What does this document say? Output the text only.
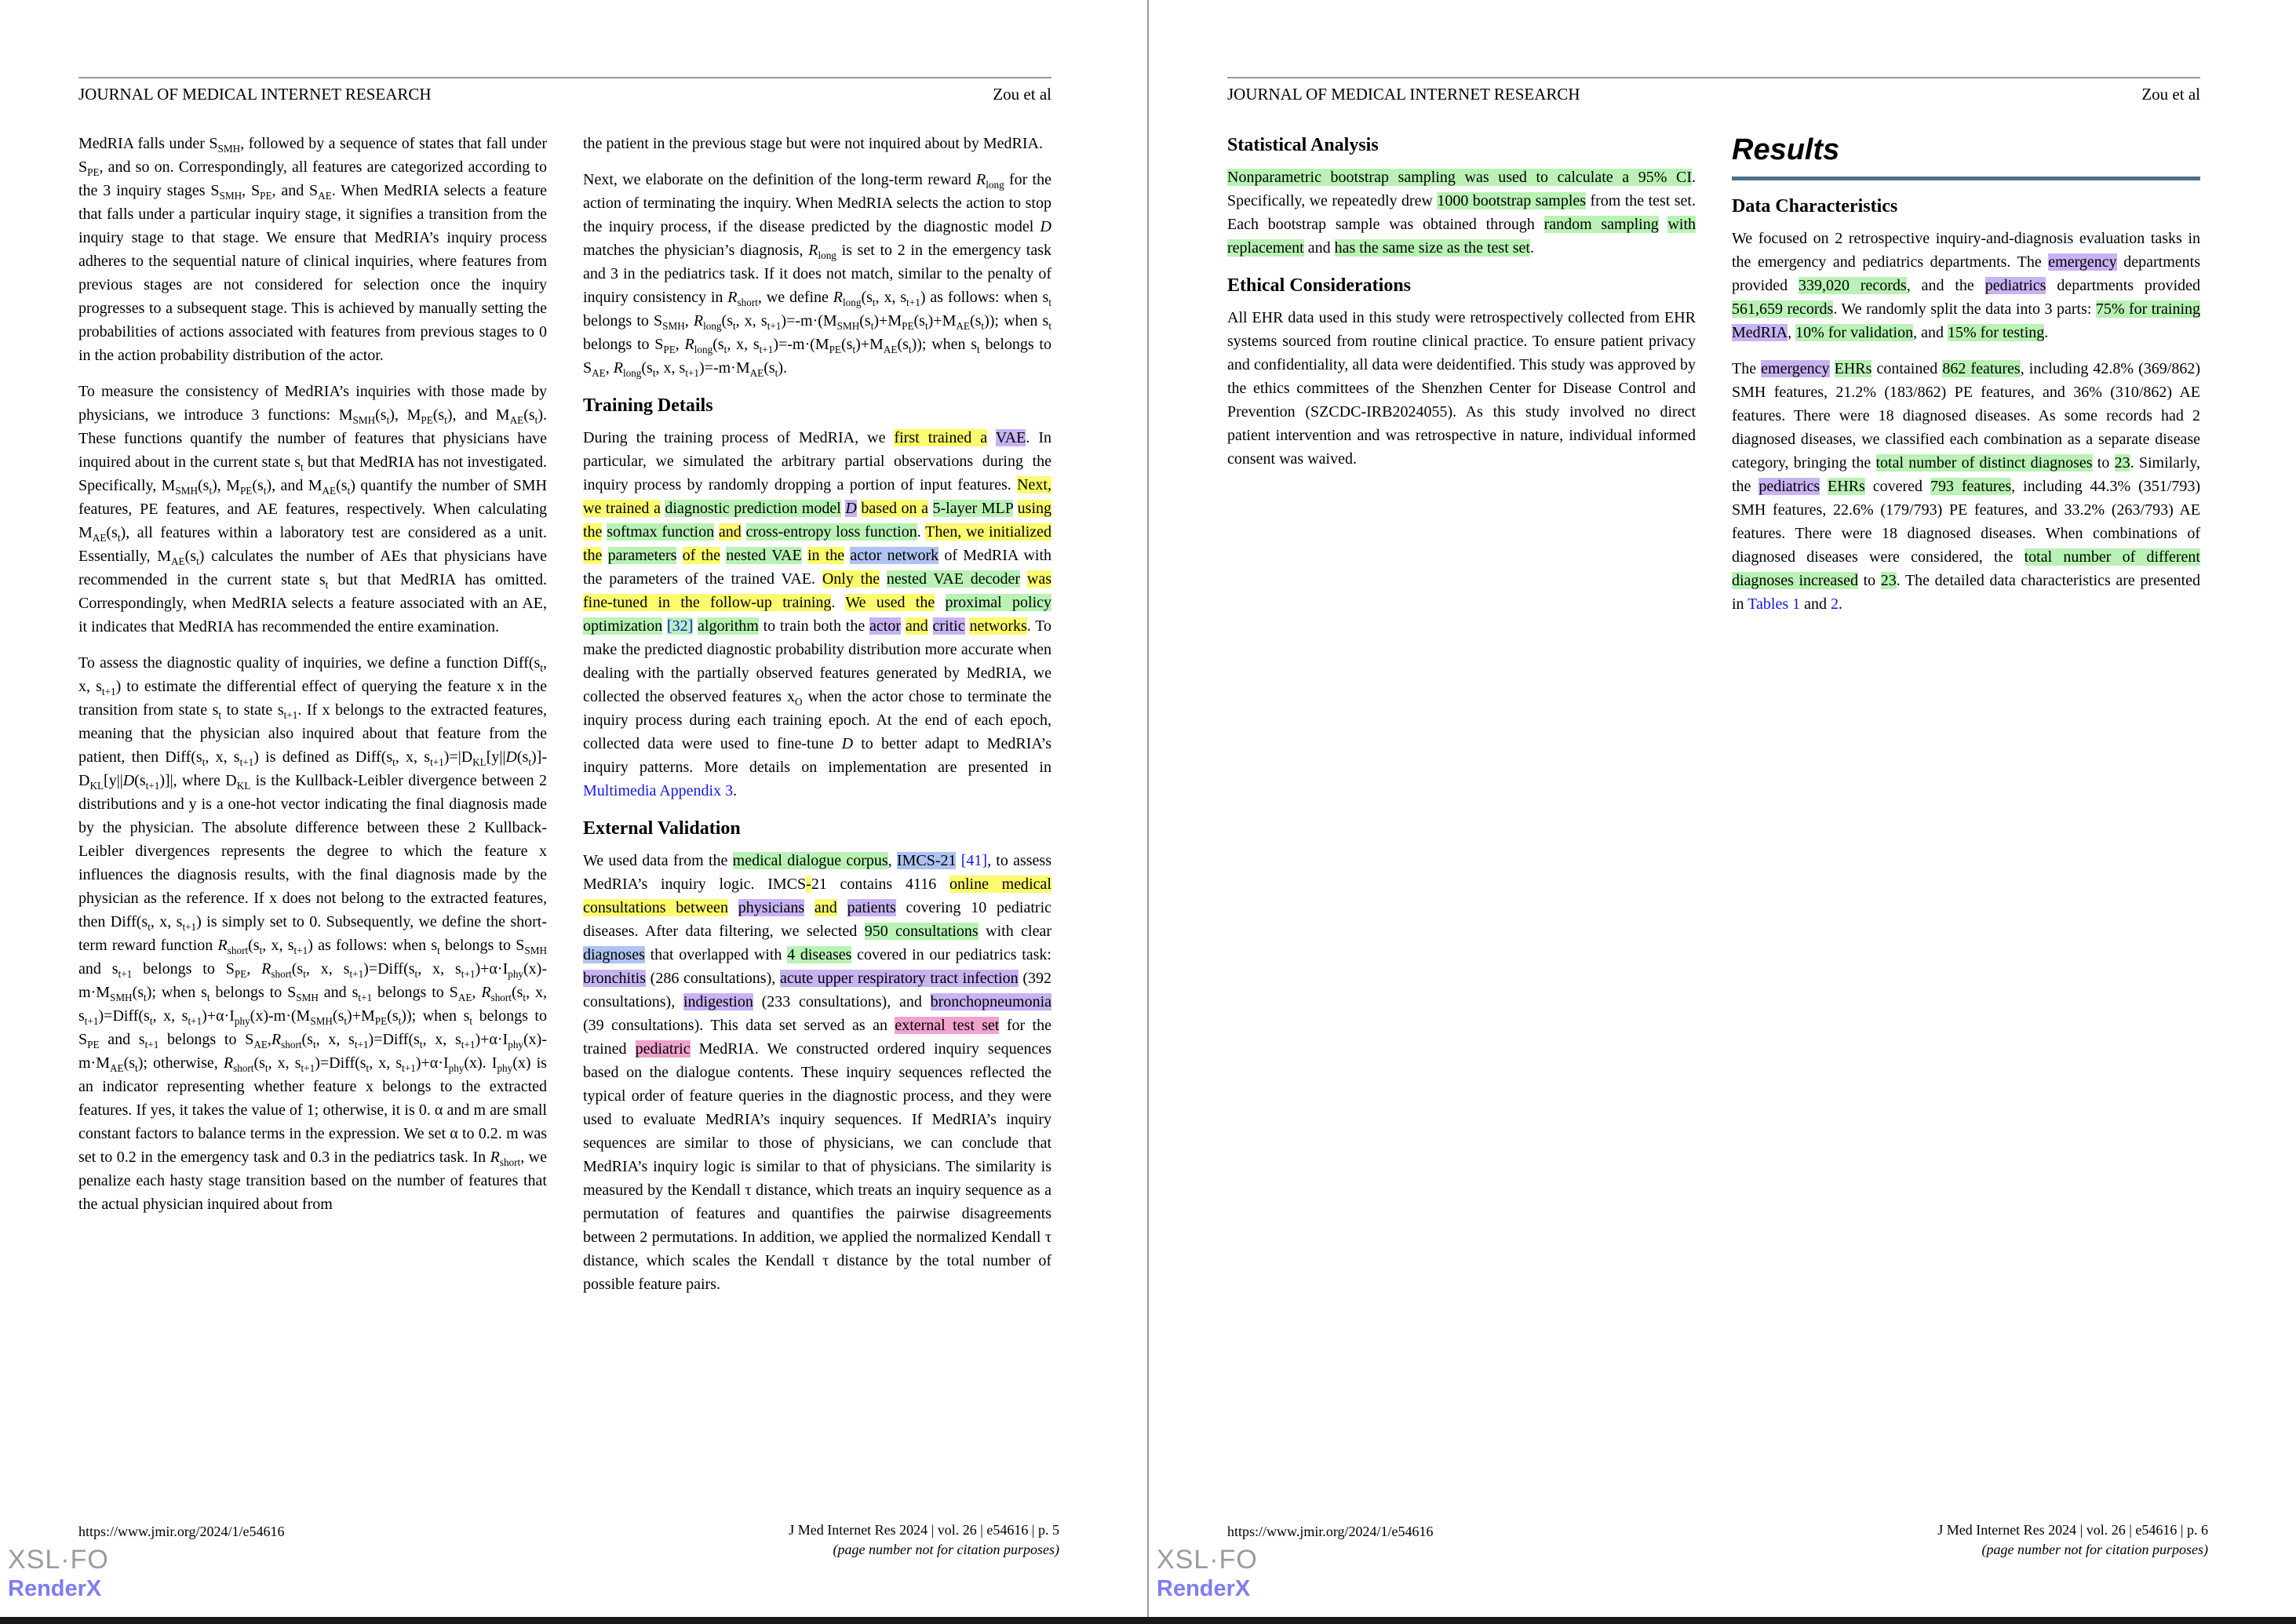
JOURNAL OF MEDICAL INTERNET RESEARCH	Zou et al

MedRIA falls under $S_{SMH}$, followed by a sequence of states that fall under $S_{PE}$, and so on. Correspondingly, all features are categorized according to the 3 inquiry stages $S_{SMH}$, $S_{PE}$, and $S_{AE}$. When MedRIA selects a feature that falls under a particular inquiry stage, it signifies a transition from the inquiry stage to that stage. We ensure that MedRIA’s inquiry process adheres to the sequential nature of clinical inquiries, where features from previous stages are not considered for selection once the inquiry progresses to a subsequent stage. This is achieved by manually setting the probabilities of actions associated with features from previous stages to 0 in the action probability distribution of the actor.

To measure the consistency of MedRIA’s inquiries with those made by physicians, we introduce 3 functions: $M_{SMH}(s_t)$, $M_{PE}(s_t)$, and $M_{AE}(s_t)$. These functions quantify the number of features that physicians have inquired about in the current state $s_t$ but that MedRIA has not investigated. Specifically, $M_{SMH}(s_t)$, $M_{PE}(s_t)$, and $M_{AE}(s_t)$ quantify the number of SMH features, PE features, and AE features, respectively. When calculating $M_{AE}(s_t)$, all features within a laboratory test are considered as a unit. Essentially, $M_{AE}(s_t)$ calculates the number of AEs that physicians have recommended in the current state $s_t$ but that MedRIA has omitted. Correspondingly, when MedRIA selects a feature associated with an AE, it indicates that MedRIA has recommended the entire examination.

To assess the diagnostic quality of inquiries, we define a function $Diff(s_t$, x, $s_{t+1}$) to estimate the differential effect of querying the feature x in the transition from state $s_t$ to state $s_{t+1}$. If x belongs to the extracted features, meaning that the physician also inquired about that feature from the patient, then $Diff(s_t$, x, $s_{t+1}$) is defined as $Diff(s_t$, x, $s_{t+1})=|D_{KL}[y||D(s_t)]-D_{KL}[y||D(s_{t+1})]|$, where $D_{KL}$ is the Kullback-Leibler divergence between 2 distributions and y is a one-hot vector indicating the final diagnosis made by the physician. The absolute difference between these 2 Kullback-Leibler divergences represents the degree to which the feature x influences the diagnosis results, with the final diagnosis made by the physician as the reference. If x does not belong to the extracted features, then $Diff(s_t$, x, $s_{t+1}$) is simply set to 0. Subsequently, we define the short-term reward function $R_{short}(s_t$, x, $s_{t+1}$) as follows: when $s_t$ belongs to $S_{SMH}$ and $s_{t+1}$ belongs to $S_{PE}$, $R_{short}(s_t$, x, $s_{t+1})=Diff(s_t$, x, $s_{t+1})+\alpha\cdot I_{phy}(x)-m\cdot M_{SMH}(s_t)$; when $s_t$ belongs to $S_{SMH}$ and $s_{t+1}$ belongs to $S_{AE}$, $R_{short}(s_t$, x, $s_{t+1})=Diff(s_t$, x, $s_{t+1})+\alpha\cdot I_{phy}(x)-m\cdot(M_{SMH}(s_t)+M_{PE}(s_t))$; when $s_t$ belongs to $S_{PE}$ and $s_{t+1}$ belongs to $S_{AE},R_{short}(s_t$, x, $s_{t+1})=Diff(s_t$, x, $s_{t+1})+\alpha\cdot I_{phy}(x)-m\cdot M_{AE}(s_t)$; otherwise, $R_{short}(s_t$, x, $s_{t+1})=Diff(s_t$, x, $s_{t+1})+\alpha\cdot I_{phy}(x)$. $I_{phy}(x)$ is an indicator representing whether feature x belongs to the extracted features. If yes, it takes the value of 1; otherwise, it is 0. α and m are small constant factors to balance terms in the expression. We set α to 0.2. m was set to 0.2 in the emergency task and 0.3 in the pediatrics task. In $R_{short}$, we penalize each hasty stage transition based on the number of features that the actual physician inquired about from

the patient in the previous stage but were not inquired about by MedRIA.

Next, we elaborate on the definition of the long-term reward $R_{long}$ for the action of terminating the inquiry. When MedRIA selects the action to stop the inquiry process, if the disease predicted by the diagnostic model D matches the physician’s diagnosis, $R_{long}$ is set to 2 in the emergency task and 3 in the pediatrics task. If it does not match, similar to the penalty of inquiry consistency in $R_{short}$, we define $R_{long}(s_t$, x, $s_{t+1}$) as follows: when $s_t$ belongs to $S_{SMH}$, $R_{long}(s_t$, x, $s_{t+1})=-m\cdot(M_{SMH}(s_t)+M_{PE}(s_t)+M_{AE}(s_t))$; when $s_t$ belongs to $S_{PE}$, $R_{long}(s_t$, x, $s_{t+1})=-m\cdot(M_{PE}(s_t)+M_{AE}(s_t))$; when $s_t$ belongs to $S_{AE}$, $R_{long}(s_t$, x, $s_{t+1})=-m\cdot M_{AE}(s_t)$.

Training Details

During the training process of MedRIA, we first trained a VAE. In particular, we simulated the arbitrary partial observations during the inquiry process by randomly dropping a portion of input features. Next, we trained a diagnostic prediction model D based on a 5-layer MLP using the softmax function and cross-entropy loss function. Then, we initialized the parameters of the nested VAE in the actor network of MedRIA with the parameters of the trained VAE. Only the nested VAE decoder was fine-tuned in the follow-up training. We used the proximal policy optimization [32] algorithm to train both the actor and critic networks. To make the predicted diagnostic probability distribution more accurate when dealing with the partially observed features generated by MedRIA, we collected the observed features $x_O$ when the actor chose to terminate the inquiry process during each training epoch. At the end of each epoch, collected data were used to fine-tune D to better adapt to MedRIA’s inquiry patterns. More details on implementation are presented in Multimedia Appendix 3.

External Validation

We used data from the medical dialogue corpus, IMCS-21 [41], to assess MedRIA’s inquiry logic. IMCS-21 contains 4116 online medical consultations between physicians and patients covering 10 pediatric diseases. After data filtering, we selected 950 consultations with clear diagnoses that overlapped with 4 diseases covered in our pediatrics task: bronchitis (286 consultations), acute upper respiratory tract infection (392 consultations), indigestion (233 consultations), and bronchopneumonia (39 consultations). This data set served as an external test set for the trained pediatric MedRIA. We constructed ordered inquiry sequences based on the dialogue contents. These inquiry sequences reflected the typical order of feature queries in the diagnostic process, and they were used to evaluate MedRIA’s inquiry sequences. If MedRIA’s inquiry sequences are similar to those of physicians, we can conclude that MedRIA’s inquiry logic is similar to that of physicians. The similarity is measured by the Kendall τ distance, which treats an inquiry sequence as a permutation of features and quantifies the pairwise disagreements between 2 permutations. In addition, we applied the normalized Kendall τ distance, which scales the Kendall τ distance by the total number of possible feature pairs.

https://www.jmir.org/2024/1/e54616	J Med Internet Res 2024 | vol. 26 | e54616 | p. 5
(page number not for citation purposes)
XSL·FO
RenderX
JOURNAL OF MEDICAL INTERNET RESEARCH	Zou et al
Statistical Analysis

Nonparametric bootstrap sampling was used to calculate a 95% CI. Specifically, we repeatedly drew 1000 bootstrap samples from the test set. Each bootstrap sample was obtained through random sampling with replacement and has the same size as the test set.

Ethical Considerations

All EHR data used in this study were retrospectively collected from EHR systems sourced from routine clinical practice. To ensure patient privacy and confidentiality, all data were deidentified. This study was approved by the ethics committees of the Shenzhen Center for Disease Control and Prevention (SZCDC-IRB2024055). As this study involved no direct patient intervention and was retrospective in nature, individual informed consent was waived.

Results
Data Characteristics

We focused on 2 retrospective inquiry-and-diagnosis evaluation tasks in the emergency and pediatrics departments. The emergency departments provided 339,020 records, and the pediatrics departments provided 561,659 records. We randomly split the data into 3 parts: 75% for training MedRIA, 10% for validation, and 15% for testing.

The emergency EHRs contained 862 features, including 42.8% (369/862) SMH features, 21.2% (183/862) PE features, and 36% (310/862) AE features. There were 18 diagnosed diseases. As some records had 2 diagnosed diseases, we classified each combination as a separate disease category, bringing the total number of distinct diagnoses to 23. Similarly, the pediatrics EHRs covered 793 features, including 44.3% (351/793) SMH features, 22.6% (179/793) PE features, and 33.2% (263/793) AE features. There were 18 diagnosed diseases. When combinations of diagnosed diseases were considered, the total number of different diagnoses increased to 23. The detailed data characteristics are presented in Tables 1 and 2.

https://www.jmir.org/2024/1/e54616	J Med Internet Res 2024 | vol. 26 | e54616 | p. 6
(page number not for citation purposes)
XSL·FO
RenderX
